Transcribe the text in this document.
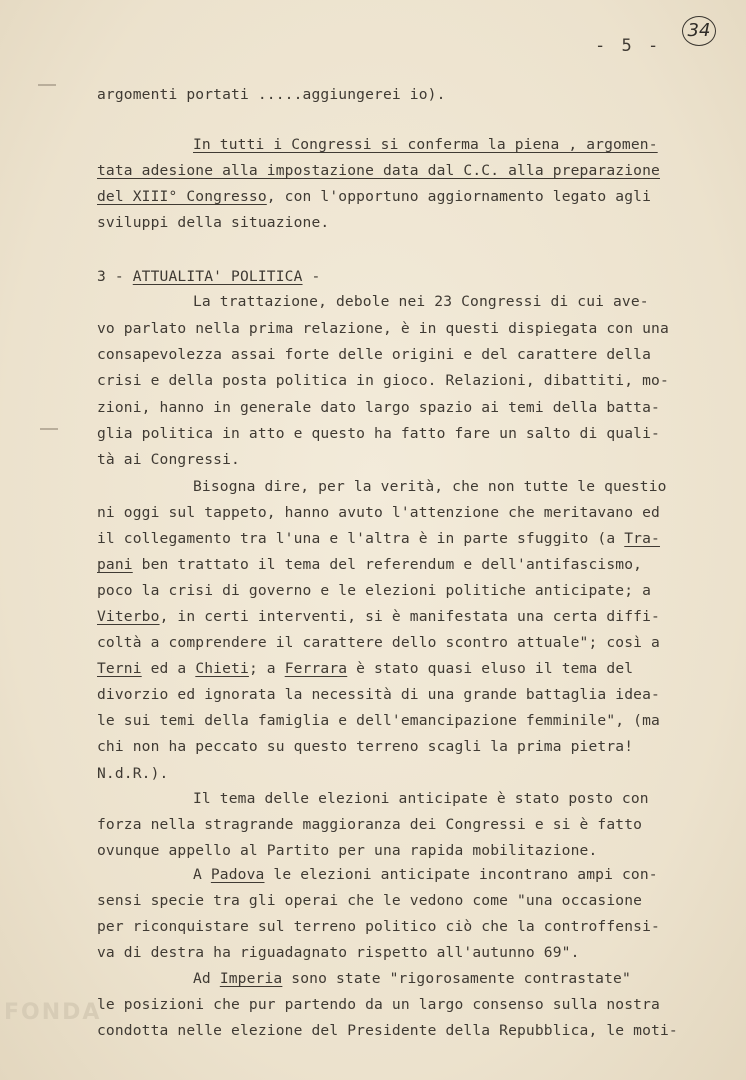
34
- 5 -
argomenti portati .....aggiungerei io).
In tutti i Congressi si conferma la piena , argomen-
tata adesione alla impostazione data dal C.C. alla preparazione
del XIII° Congresso, con l'opportuno aggiornamento legato agli
sviluppi della situazione.
3 - ATTUALITA' POLITICA -
La trattazione, debole nei 23 Congressi di cui ave-
vo parlato nella prima relazione, è in questi dispiegata con una
consapevolezza assai forte delle origini e del carattere della
crisi e della posta politica in gioco. Relazioni, dibattiti, mo-
zioni, hanno in generale dato largo spazio ai temi della batta-
glia politica in atto e questo ha fatto fare un salto di quali-
tà ai Congressi.
Bisogna dire, per la verità, che non tutte le questio
ni oggi sul tappeto, hanno avuto l'attenzione che meritavano ed
il collegamento tra l'una e l'altra è in parte sfuggito (a Tra-
pani ben trattato il tema del referendum e dell'antifascismo,
poco la crisi di governo e le elezioni politiche anticipate; a
Viterbo, in certi interventi, si è manifestata una certa diffi-
coltà a comprendere il carattere dello scontro attuale"; così a
Terni ed a Chieti; a Ferrara è stato quasi eluso il tema del
divorzio ed ignorata la necessità di una grande battaglia idea-
le sui temi della famiglia e dell'emancipazione femminile", (ma
chi non ha peccato su questo terreno scagli la prima pietra!
N.d.R.).
Il tema delle elezioni anticipate è stato posto con
forza nella stragrande maggioranza dei Congressi e si è fatto
ovunque appello al Partito per una rapida mobilitazione.
A Padova le elezioni anticipate incontrano ampi con-
sensi specie tra gli operai che le vedono come "una occasione
per riconquistare sul terreno politico ciò che la controffensi-
va di destra ha riguadagnato rispetto all'autunno 69".
Ad Imperia sono state "rigorosamente contrastate"
le posizioni che pur partendo da un largo consenso sulla nostra
condotta nelle elezione del Presidente della Repubblica, le moti-
FONDA
